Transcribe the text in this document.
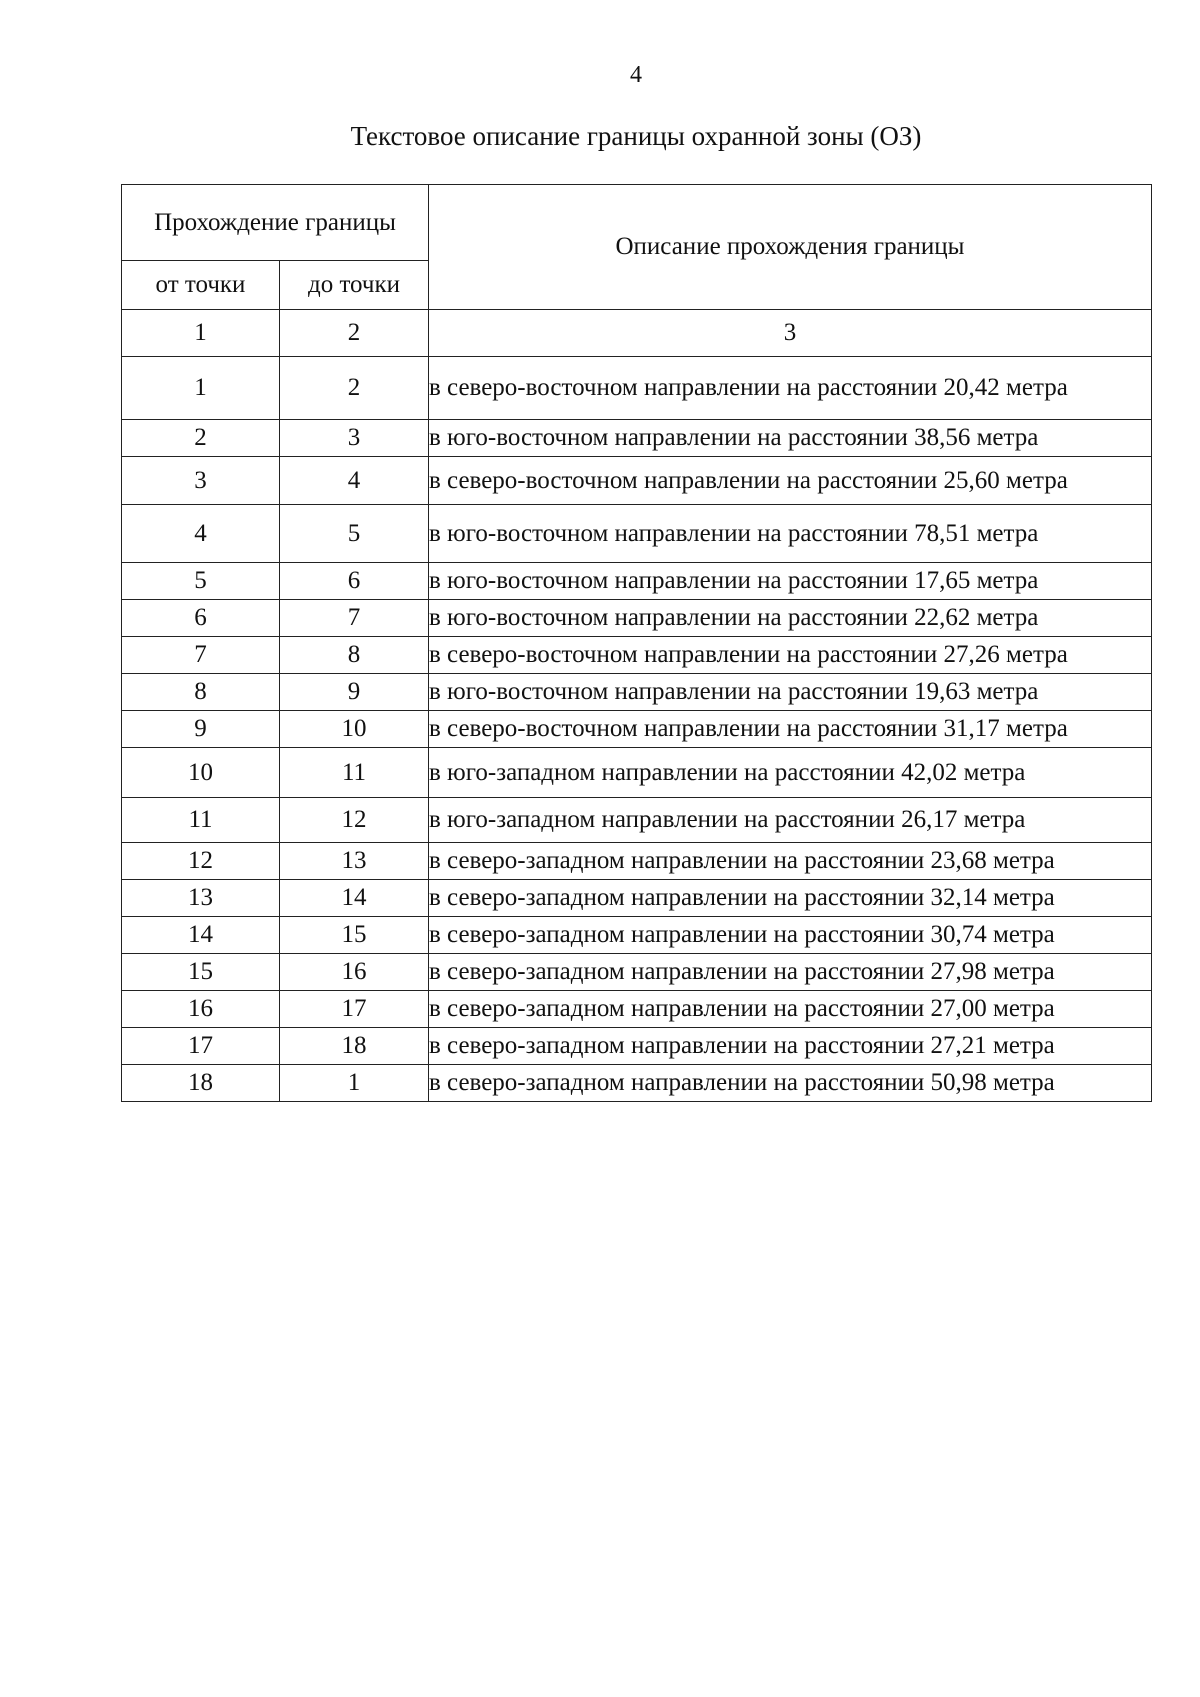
4
Текстовое описание границы охранной зоны (ОЗ)
Прохождение границы		Описание прохождения границы
от точки	до точки	
1	2	3
1	2	в северо-восточном направлении на расстоянии 20,42 метра
2	3	в юго-восточном направлении на расстоянии 38,56 метра
3	4	в северо-восточном направлении на расстоянии 25,60 метра
4	5	в юго-восточном направлении на расстоянии 78,51 метра
5	6	в юго-восточном направлении на расстоянии 17,65 метра
6	7	в юго-восточном направлении на расстоянии 22,62 метра
7	8	в северо-восточном направлении на расстоянии 27,26 метра
8	9	в юго-восточном направлении на расстоянии 19,63 метра
9	10	в северо-восточном направлении на расстоянии 31,17 метра
10	11	в юго-западном направлении на расстоянии 42,02 метра
11	12	в юго-западном направлении на расстоянии 26,17 метра
12	13	в северо-западном направлении на расстоянии 23,68 метра
13	14	в северо-западном направлении на расстоянии 32,14 метра
14	15	в северо-западном направлении на расстоянии 30,74 метра
15	16	в северо-западном направлении на расстоянии 27,98 метра
16	17	в северо-западном направлении на расстоянии 27,00 метра
17	18	в северо-западном направлении на расстоянии 27,21 метра
18	1	в северо-западном направлении на расстоянии 50,98 метра
